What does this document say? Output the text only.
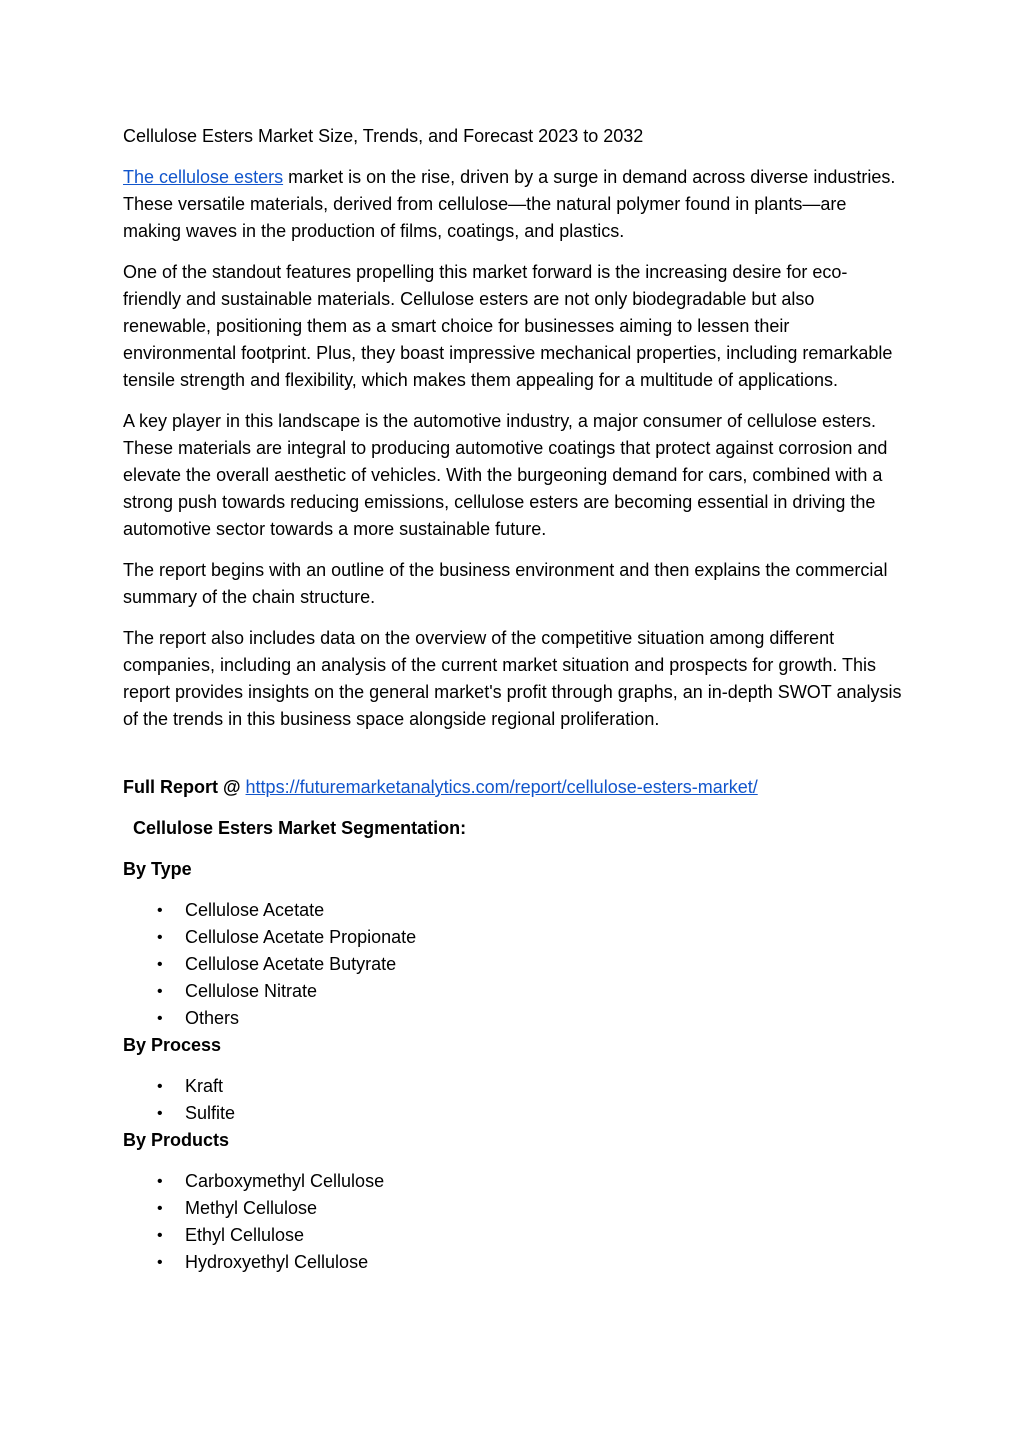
Cellulose Esters Market Size, Trends, and Forecast 2023 to 2032

The cellulose esters market is on the rise, driven by a surge in demand across diverse industries. These versatile materials, derived from cellulose—the natural polymer found in plants—are making waves in the production of films, coatings, and plastics.

One of the standout features propelling this market forward is the increasing desire for eco-friendly and sustainable materials. Cellulose esters are not only biodegradable but also renewable, positioning them as a smart choice for businesses aiming to lessen their environmental footprint. Plus, they boast impressive mechanical properties, including remarkable tensile strength and flexibility, which makes them appealing for a multitude of applications.

A key player in this landscape is the automotive industry, a major consumer of cellulose esters. These materials are integral to producing automotive coatings that protect against corrosion and elevate the overall aesthetic of vehicles. With the burgeoning demand for cars, combined with a strong push towards reducing emissions, cellulose esters are becoming essential in driving the automotive sector towards a more sustainable future.

The report begins with an outline of the business environment and then explains the commercial summary of the chain structure.

The report also includes data on the overview of the competitive situation among different companies, including an analysis of the current market situation and prospects for growth. This report provides insights on the general market's profit through graphs, an in-depth SWOT analysis of the trends in this business space alongside regional proliferation.

Full Report @ https://futuremarketanalytics.com/report/cellulose-esters-market/

Cellulose Esters Market Segmentation:

By Type

• Cellulose Acetate
• Cellulose Acetate Propionate
• Cellulose Acetate Butyrate
• Cellulose Nitrate
• Others

By Process

• Kraft
• Sulfite

By Products

• Carboxymethyl Cellulose
• Methyl Cellulose
• Ethyl Cellulose
• Hydroxyethyl Cellulose
